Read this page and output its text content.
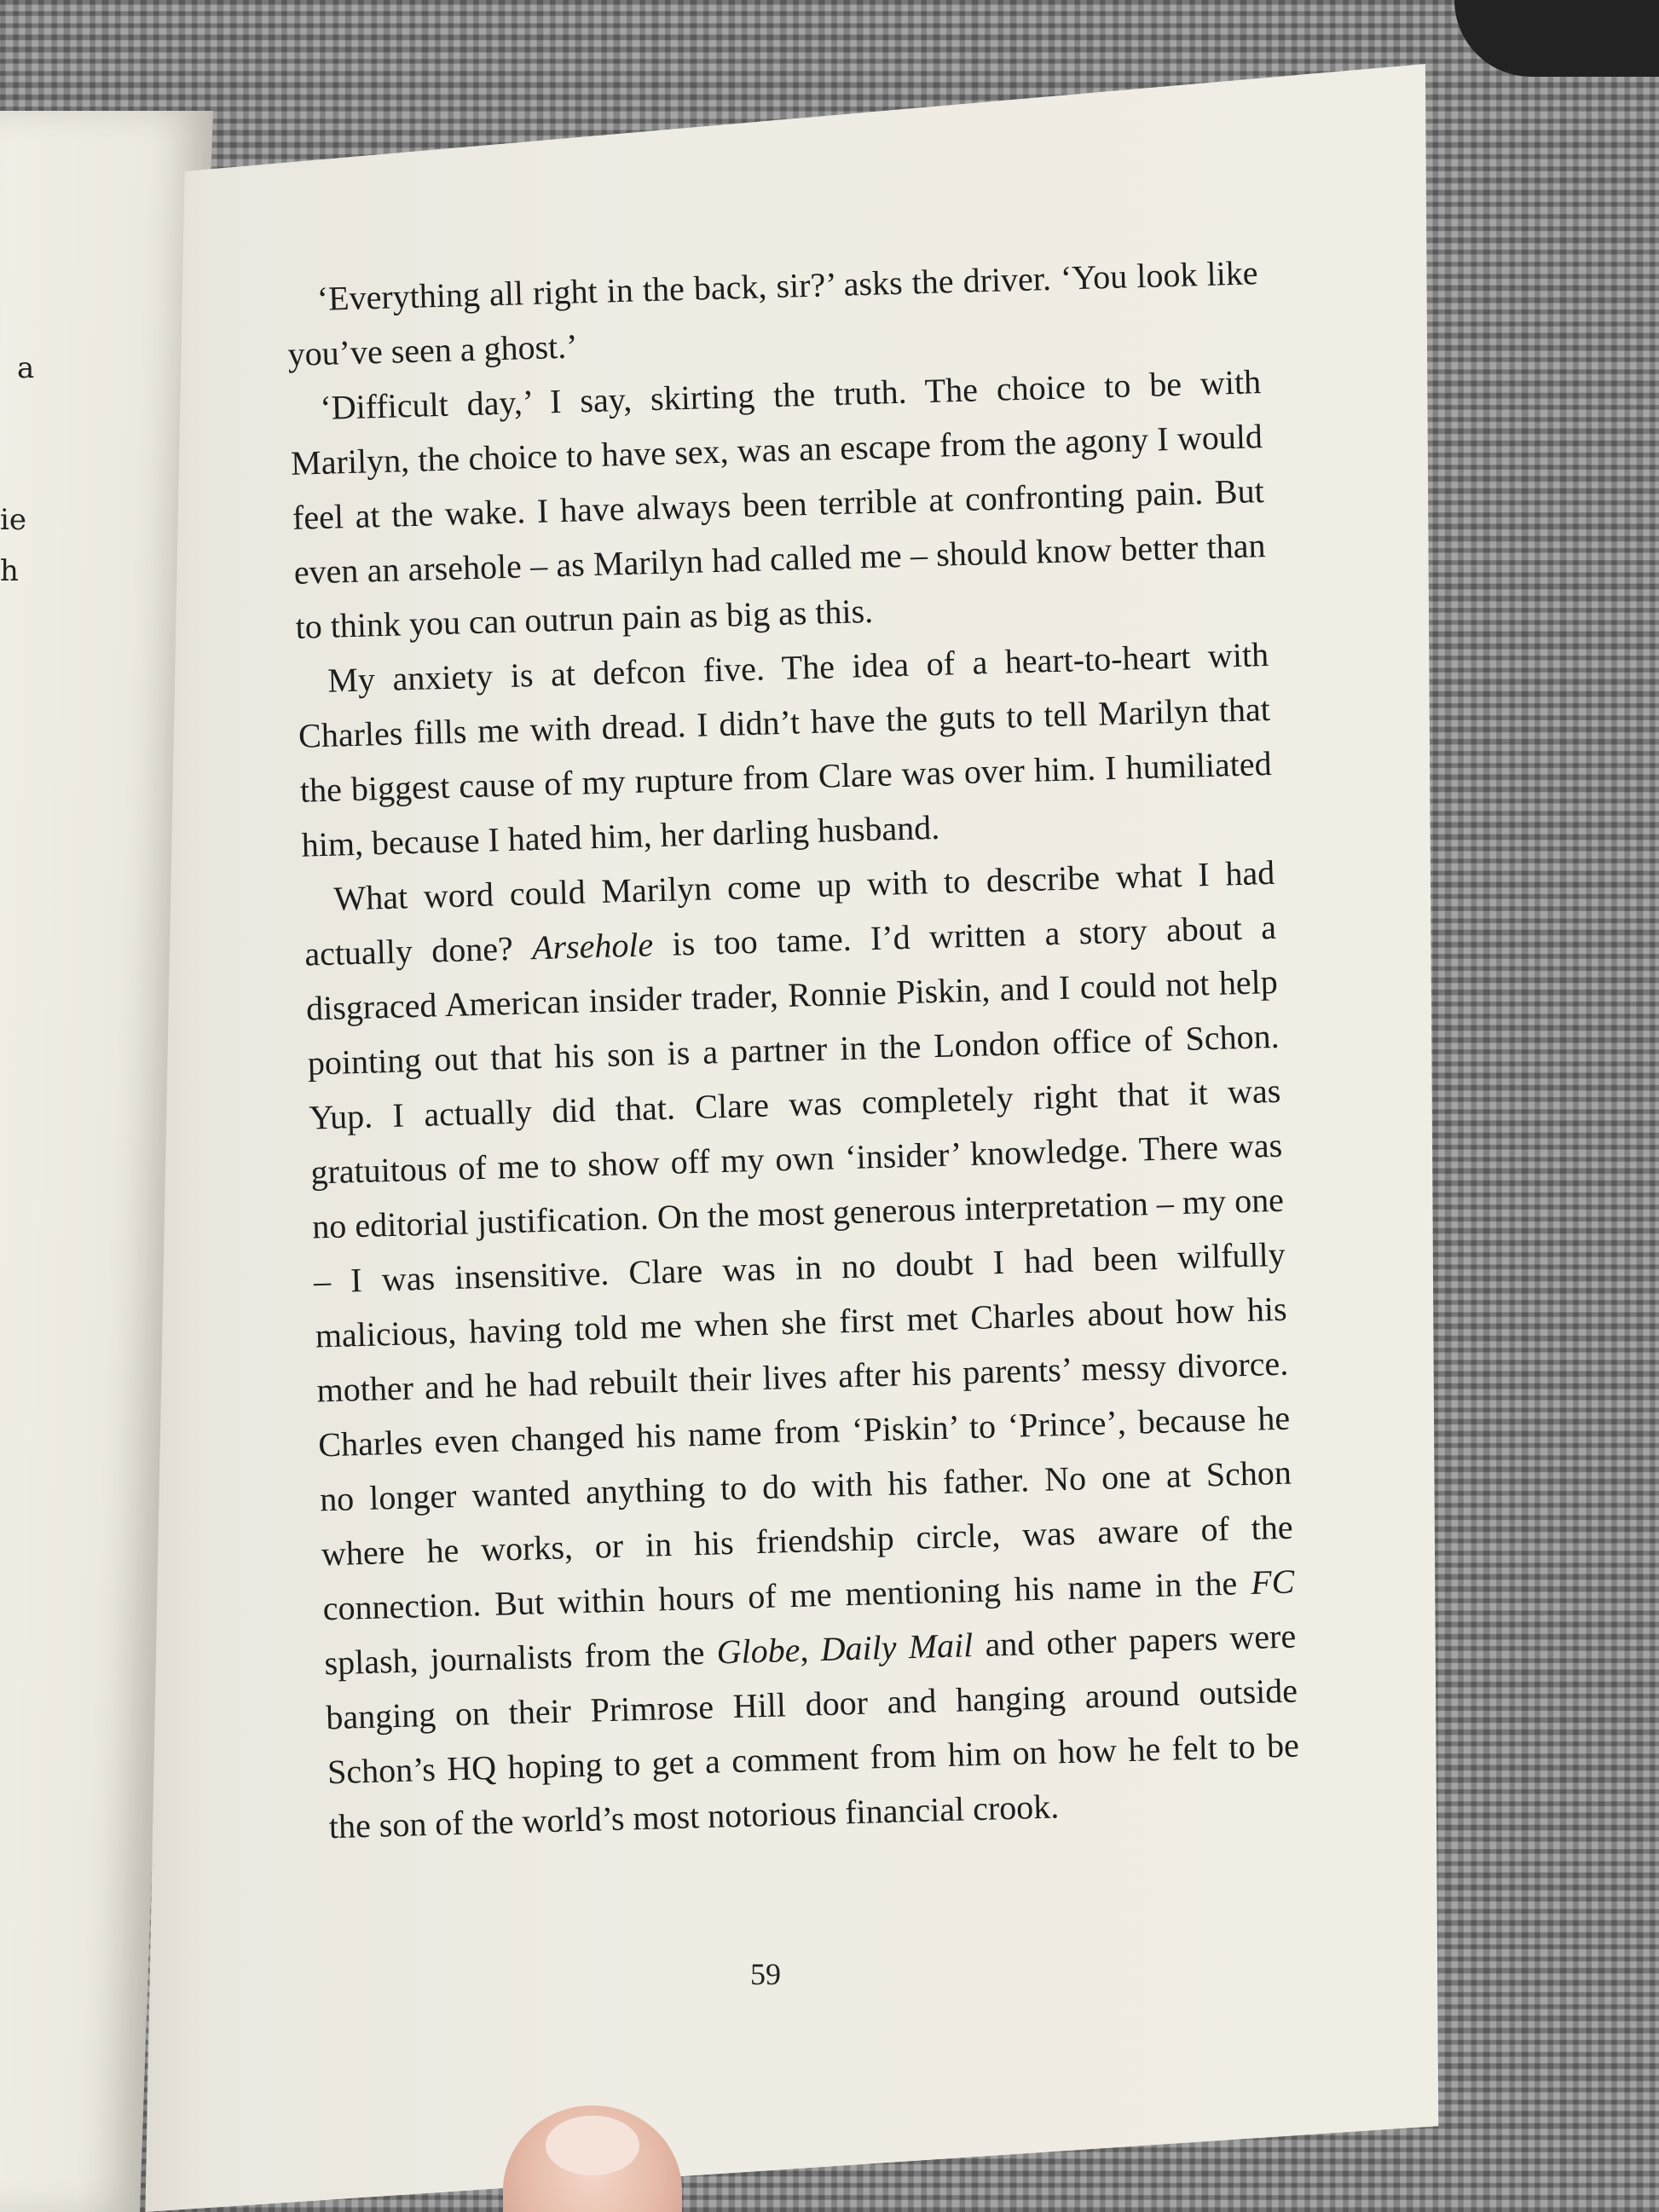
a
ie
h

‘Everything all right in the back, sir?’ asks the driver. ‘You look like you’ve seen a ghost.’

‘Difficult day,’ I say, skirting the truth. The choice to be with Marilyn, the choice to have sex, was an escape from the agony I would feel at the wake. I have always been terrible at confronting pain. But even an arsehole – as Marilyn had called me – should know better than to think you can outrun pain as big as this.

My anxiety is at defcon five. The idea of a heart-to-heart with Charles fills me with dread. I didn’t have the guts to tell Marilyn that the biggest cause of my rupture from Clare was over him. I humiliated him, because I hated him, her darling husband.

What word could Marilyn come up with to describe what I had actually done? Arsehole is too tame. I’d written a story about a disgraced American insider trader, Ronnie Piskin, and I could not help pointing out that his son is a partner in the London office of Schon. Yup. I actually did that. Clare was completely right that it was gratuitous of me to show off my own ‘insider’ knowledge. There was no editorial justification. On the most generous interpretation – my one – I was insensitive. Clare was in no doubt I had been wilfully malicious, having told me when she first met Charles about how his mother and he had rebuilt their lives after his parents’ messy divorce. Charles even changed his name from ‘Piskin’ to ‘Prince’, because he no longer wanted anything to do with his father. No one at Schon where he works, or in his friendship circle, was aware of the connection. But within hours of me mentioning his name in the FC splash, journalists from the Globe, Daily Mail and other papers were banging on their Primrose Hill door and hanging around outside Schon’s HQ hoping to get a comment from him on how he felt to be the son of the world’s most notorious financial crook.

59
